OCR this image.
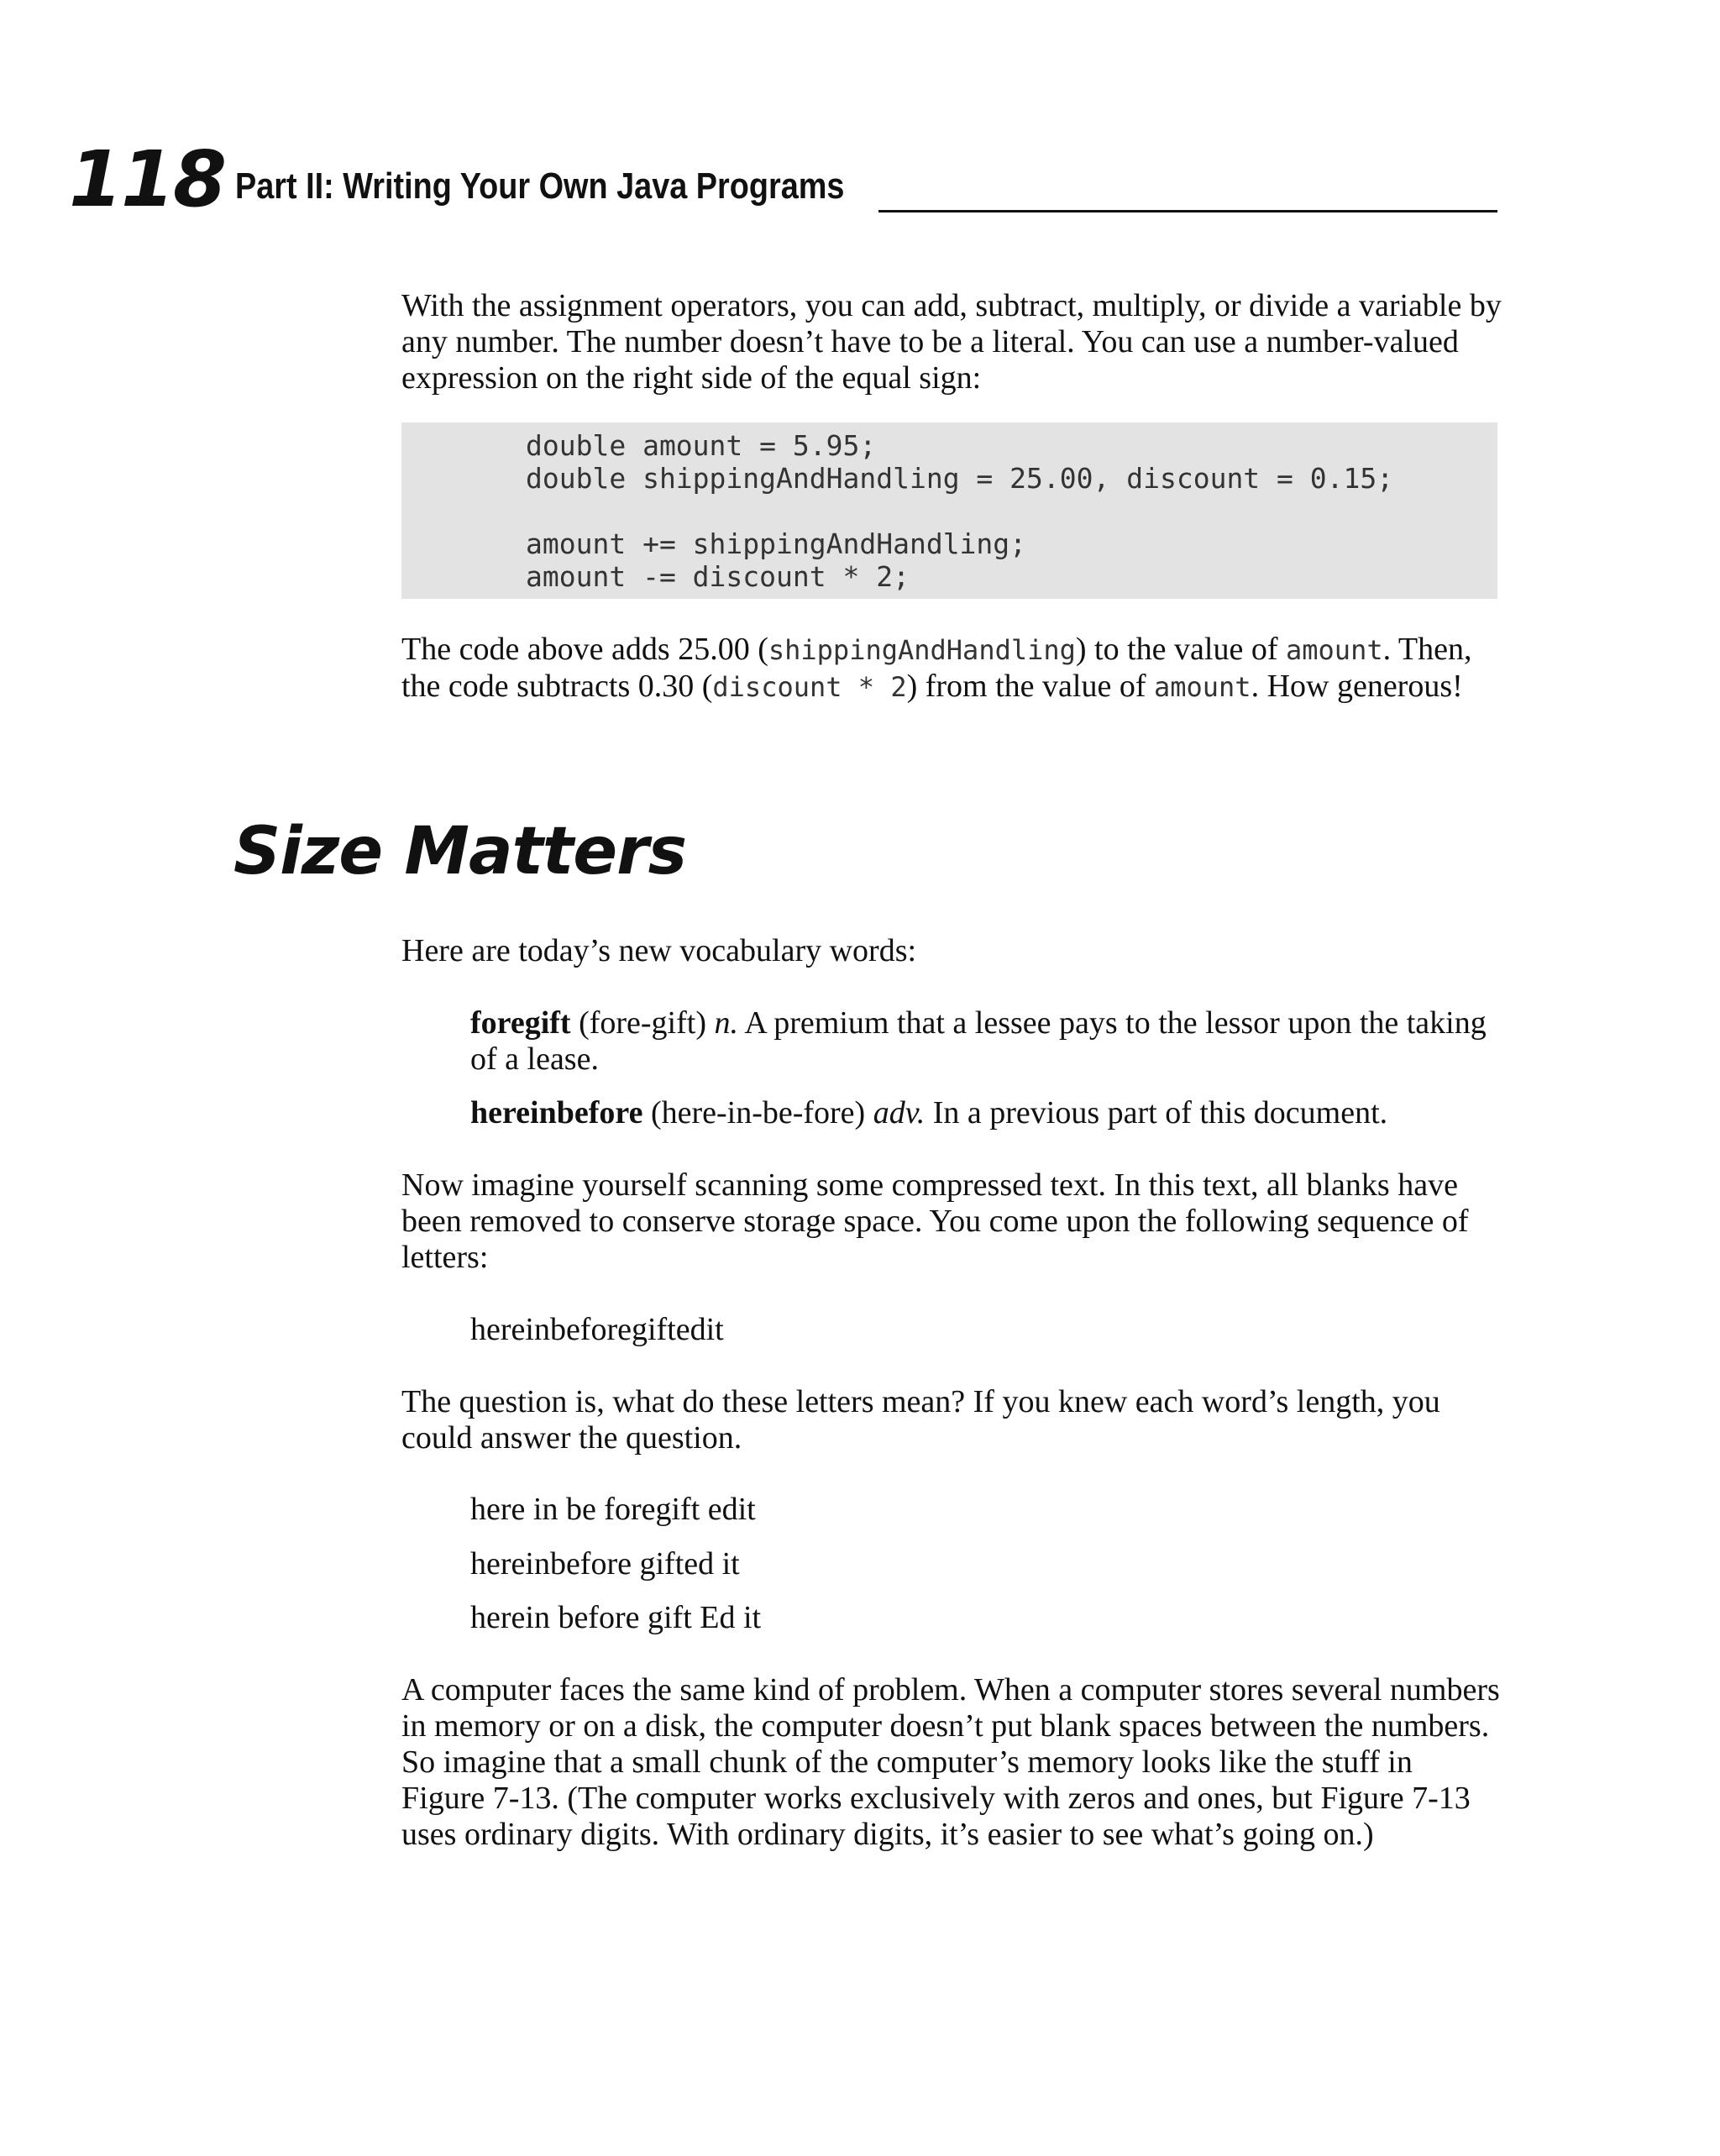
118 Part II: Writing Your Own Java Programs

With the assignment operators, you can add, subtract, multiply, or divide a variable by any number. The number doesn’t have to be a literal. You can use a number-valued expression on the right side of the equal sign:

double amount = 5.95;
double shippingAndHandling = 25.00, discount = 0.15;
amount += shippingAndHandling;
amount -= discount * 2;

The code above adds 25.00 (shippingAndHandling) to the value of amount. Then, the code subtracts 0.30 (discount * 2) from the value of amount. How generous!

Size Matters

Here are today’s new vocabulary words:

foregift (fore-gift) n. A premium that a lessee pays to the lessor upon the taking of a lease.

hereinbefore (here-in-be-fore) adv. In a previous part of this document.

Now imagine yourself scanning some compressed text. In this text, all blanks have been removed to conserve storage space. You come upon the following sequence of letters:

hereinbeforegiftedit

The question is, what do these letters mean? If you knew each word’s length, you could answer the question.

here in be foregift edit

hereinbefore gifted it

herein before gift Ed it

A computer faces the same kind of problem. When a computer stores several numbers in memory or on a disk, the computer doesn’t put blank spaces between the numbers. So imagine that a small chunk of the computer’s memory looks like the stuff in Figure 7-13. (The computer works exclusively with zeros and ones, but Figure 7-13 uses ordinary digits. With ordinary digits, it’s easier to see what’s going on.)
